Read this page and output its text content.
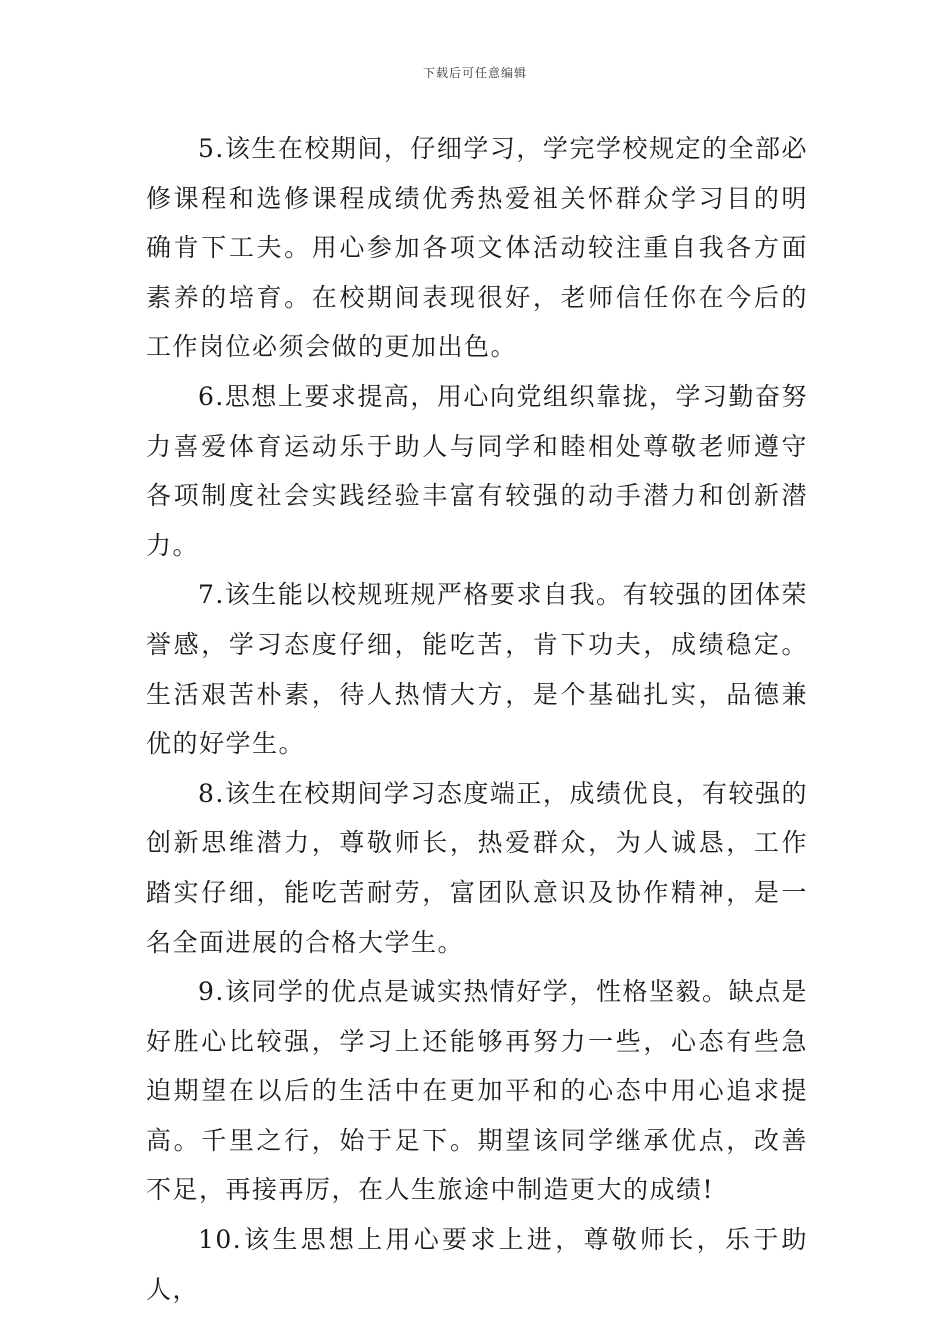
下载后可任意编辑

5.该生在校期间，仔细学习，学完学校规定的全部必修课程和选修课程成绩优秀热爱祖关怀群众学习目的明确肯下工夫。用心参加各项文体活动较注重自我各方面素养的培育。在校期间表现很好，老师信任你在今后的工作岗位必须会做的更加出色。

6.思想上要求提高，用心向党组织靠拢，学习勤奋努力喜爱体育运动乐于助人与同学和睦相处尊敬老师遵守各项制度社会实践经验丰富有较强的动手潜力和创新潜力。

7.该生能以校规班规严格要求自我。有较强的团体荣誉感，学习态度仔细，能吃苦，肯下功夫，成绩稳定。生活艰苦朴素，待人热情大方，是个基础扎实，品德兼优的好学生。

8.该生在校期间学习态度端正，成绩优良，有较强的创新思维潜力，尊敬师长，热爱群众，为人诚恳，工作踏实仔细，能吃苦耐劳，富团队意识及协作精神，是一名全面进展的合格大学生。

9.该同学的优点是诚实热情好学，性格坚毅。缺点是好胜心比较强，学习上还能够再努力一些，心态有些急迫期望在以后的生活中在更加平和的心态中用心追求提高。千里之行，始于足下。期望该同学继承优点，改善不足，再接再厉，在人生旅途中制造更大的成绩!

10.该生思想上用心要求上进，尊敬师长，乐于助人，
